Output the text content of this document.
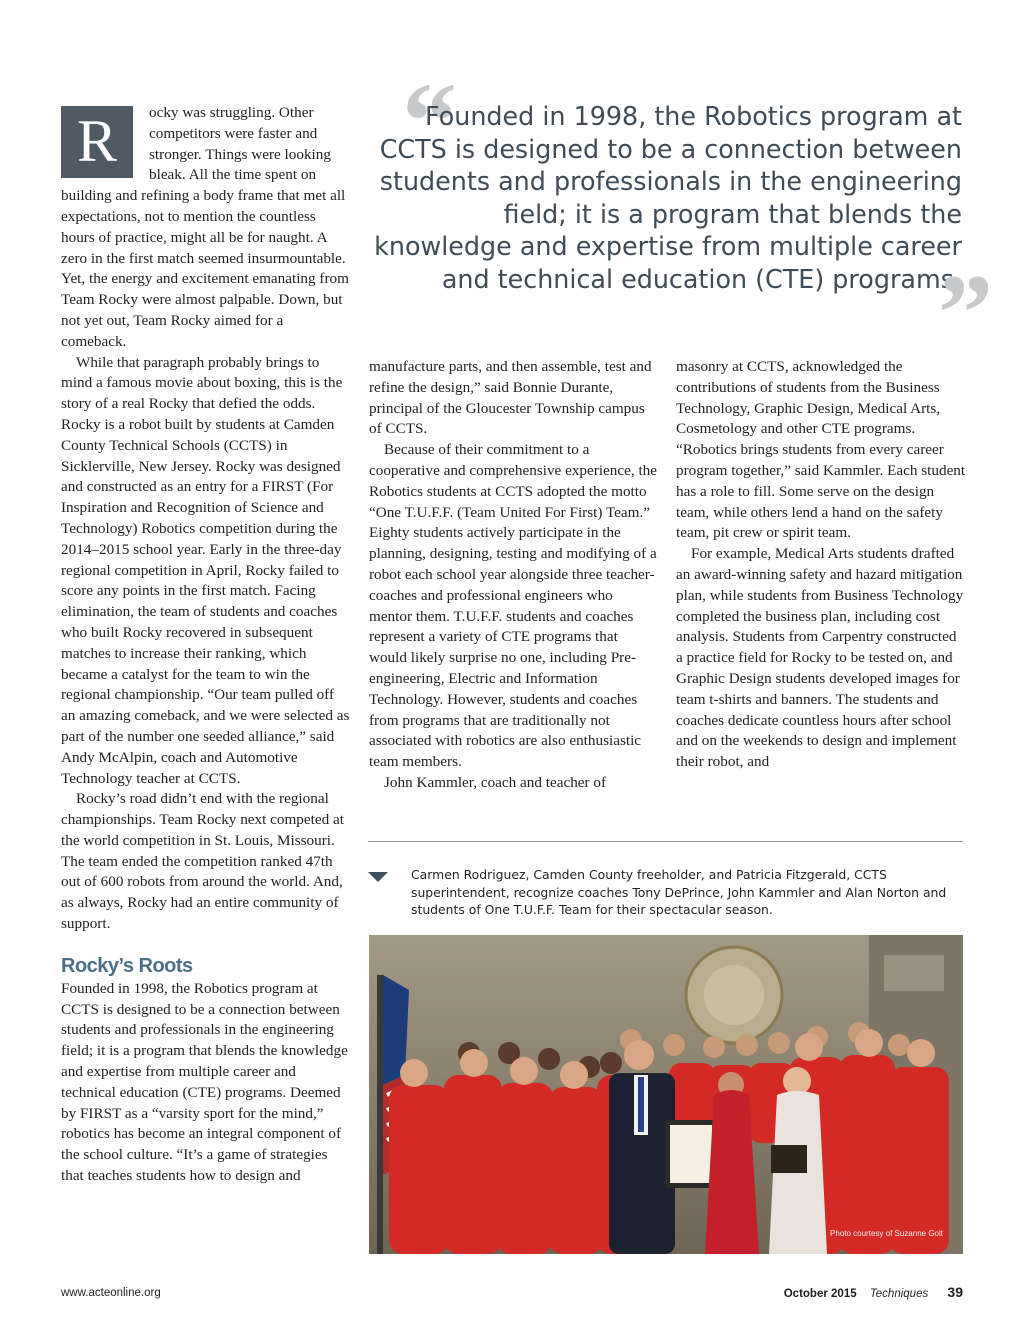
“
Founded in 1998, the Robotics program at CCTS is designed to be a connection between students and professionals in the engineering field; it is a program that blends the knowledge and expertise from multiple career and technical education (CTE) programs.
”
R	ocky was struggling. Other competitors were faster and stronger. Things were looking bleak. All the time spent on building and refining a body frame that met all expectations, not to mention the countless hours of practice, might all be for naught. A zero in the first match seemed insurmountable. Yet, the energy and excitement emanating from Team Rocky were almost palpable. Down, but not yet out, Team Rocky aimed for a comeback.

While that paragraph probably brings to mind a famous movie about boxing, this is the story of a real Rocky that defied the odds. Rocky is a robot built by students at Camden County Technical Schools (CCTS) in Sicklerville, New Jersey. Rocky was designed and constructed as an entry for a FIRST (For Inspiration and Recognition of Science and Technology) Robotics competition during the 2014–2015 school year. Early in the three-day regional competition in April, Rocky failed to score any points in the first match. Facing elimination, the team of students and coaches who built Rocky recovered in subsequent matches to increase their ranking, which became a catalyst for the team to win the regional championship. “Our team pulled off an amazing comeback, and we were selected as part of the number one seeded alliance,” said Andy McAlpin, coach and Automotive Technology teacher at CCTS.

Rocky’s road didn’t end with the regional championships. Team Rocky next competed at the world competition in St. Louis, Missouri. The team ended the competition ranked 47th out of 600 robots from around the world. And, as always, Rocky had an entire community of support.

Rocky’s Roots

Founded in 1998, the Robotics program at CCTS is designed to be a connection between students and professionals in the engineering field; it is a program that blends the knowledge and expertise from multiple career and technical education (CTE) programs. Deemed by FIRST as a “varsity sport for the mind,” robotics has become an integral component of the school culture. “It’s a game of strategies that teaches students how to design and

manufacture parts, and then assemble, test and refine the design,” said Bonnie Durante, principal of the Gloucester Township campus of CCTS.

Because of their commitment to a cooperative and comprehensive experience, the Robotics students at CCTS adopted the motto “One T.U.F.F. (Team United For First) Team.” Eighty students actively participate in the planning, designing, testing and modifying of a robot each school year alongside three teacher-coaches and professional engineers who mentor them. T.U.F.F. students and coaches represent a variety of CTE programs that would likely surprise no one, including Pre-engineering, Electric and Information Technology. However, students and coaches from programs that are traditionally not associated with robotics are also enthusiastic team members.

John Kammler, coach and teacher of

masonry at CCTS, acknowledged the contributions of students from the Business Technology, Graphic Design, Medical Arts, Cosmetology and other CTE programs. “Robotics brings students from every career program together,” said Kammler. Each student has a role to fill. Some serve on the design team, while others lend a hand on the safety team, pit crew or spirit team.

For example, Medical Arts students drafted an award-winning safety and hazard mitigation plan, while students from Business Technology completed the business plan, including cost analysis. Students from Carpentry constructed a practice field for Rocky to be tested on, and Graphic Design students developed images for team t-shirts and banners. The students and coaches dedicate countless hours after school and on the weekends to design and implement their robot, and

Carmen Rodriguez, Camden County freeholder, and Patricia Fitzgerald, CCTS superintendent, recognize coaches Tony DePrince, John Kammler and Alan Norton and students of One T.U.F.F. Team for their spectacular season.
Photo courtesy of Suzanne Golt
www.acteonline.org	October 2015 Techniques 39
